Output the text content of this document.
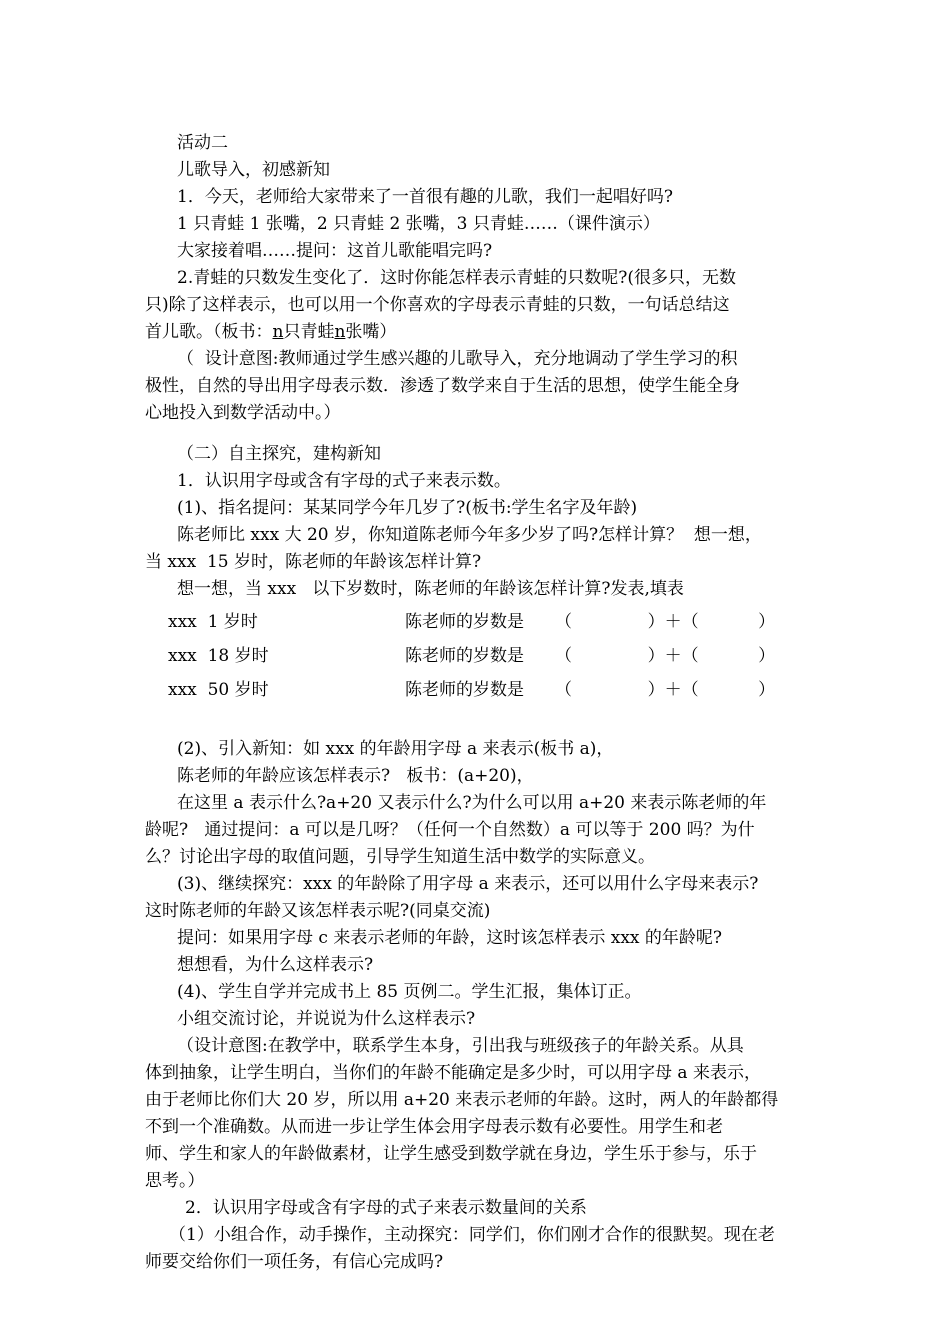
活动二
儿歌导入，初感新知
1．今天，老师给大家带来了一首很有趣的儿歌，我们一起唱好吗?
1 只青蛙 1 张嘴，2 只青蛙 2 张嘴，3 只青蛙……（课件演示）
大家接着唱……提问：这首儿歌能唱完吗?
2.青蛙的只数发生变化了．这时你能怎样表示青蛙的只数呢?(很多只，无数
只)除了这样表示，也可以用一个你喜欢的字母表示青蛙的只数，一句话总结这
首儿歌。（板书：n只青蛙n张嘴）
（  设计意图:教师通过学生感兴趣的儿歌导入，充分地调动了学生学习的积
极性，自然的导出用字母表示数．渗透了数学来自于生活的思想，使学生能全身
心地投入到数学活动中。）
（二）自主探究，建构新知
1．认识用字母或含有字母的式子来表示数。
(1)、指名提问：某某同学今年几岁了?(板书:学生名字及年龄)
陈老师比 xxx 大 20 岁，你知道陈老师今年多少岁了吗?怎样计算？  想一想，
当 xxx  15 岁时，陈老师的年龄该怎样计算?
想一想，当 xxx   以下岁数时，陈老师的年龄该怎样计算?发表,填表
xxx  1 岁时	陈老师的岁数是 （              ）＋（           ）
xxx  18 岁时	陈老师的岁数是 （              ）＋（           ）
xxx  50 岁时	陈老师的岁数是 （              ）＋（           ）
(2)、引入新知：如 xxx 的年龄用字母 a 来表示(板书 a)，
陈老师的年龄应该怎样表示?   板书：(a+20)，
在这里 a 表示什么?a+20 又表示什么?为什么可以用 a+20 来表示陈老师的年
龄呢?   通过提问：a 可以是几呀？（任何一个自然数）a 可以等于 200 吗？为什
么？讨论出字母的取值问题，引导学生知道生活中数学的实际意义。
(3)、继续探究：xxx 的年龄除了用字母 a 来表示，还可以用什么字母来表示?
这时陈老师的年龄又该怎样表示呢?(同桌交流)
提问：如果用字母 c 来表示老师的年龄，这时该怎样表示 xxx 的年龄呢?
想想看，为什么这样表示?
(4)、学生自学并完成书上 85 页例二。学生汇报，集体订正。
小组交流讨论，并说说为什么这样表示?
（设计意图:在教学中，联系学生本身，引出我与班级孩子的年龄关系。从具
体到抽象，让学生明白，当你们的年龄不能确定是多少时，可以用字母 a 来表示，
由于老师比你们大 20 岁，所以用 a+20 来表示老师的年龄。这时，两人的年龄都得
不到一个准确数。从而进一步让学生体会用字母表示数有必要性。用学生和老
师、学生和家人的年龄做素材，让学生感受到数学就在身边，学生乐于参与，乐于
思考。）
2．认识用字母或含有字母的式子来表示数量间的关系
（1）小组合作，动手操作，主动探究：同学们，你们刚才合作的很默契。现在老
师要交给你们一项任务，有信心完成吗?
